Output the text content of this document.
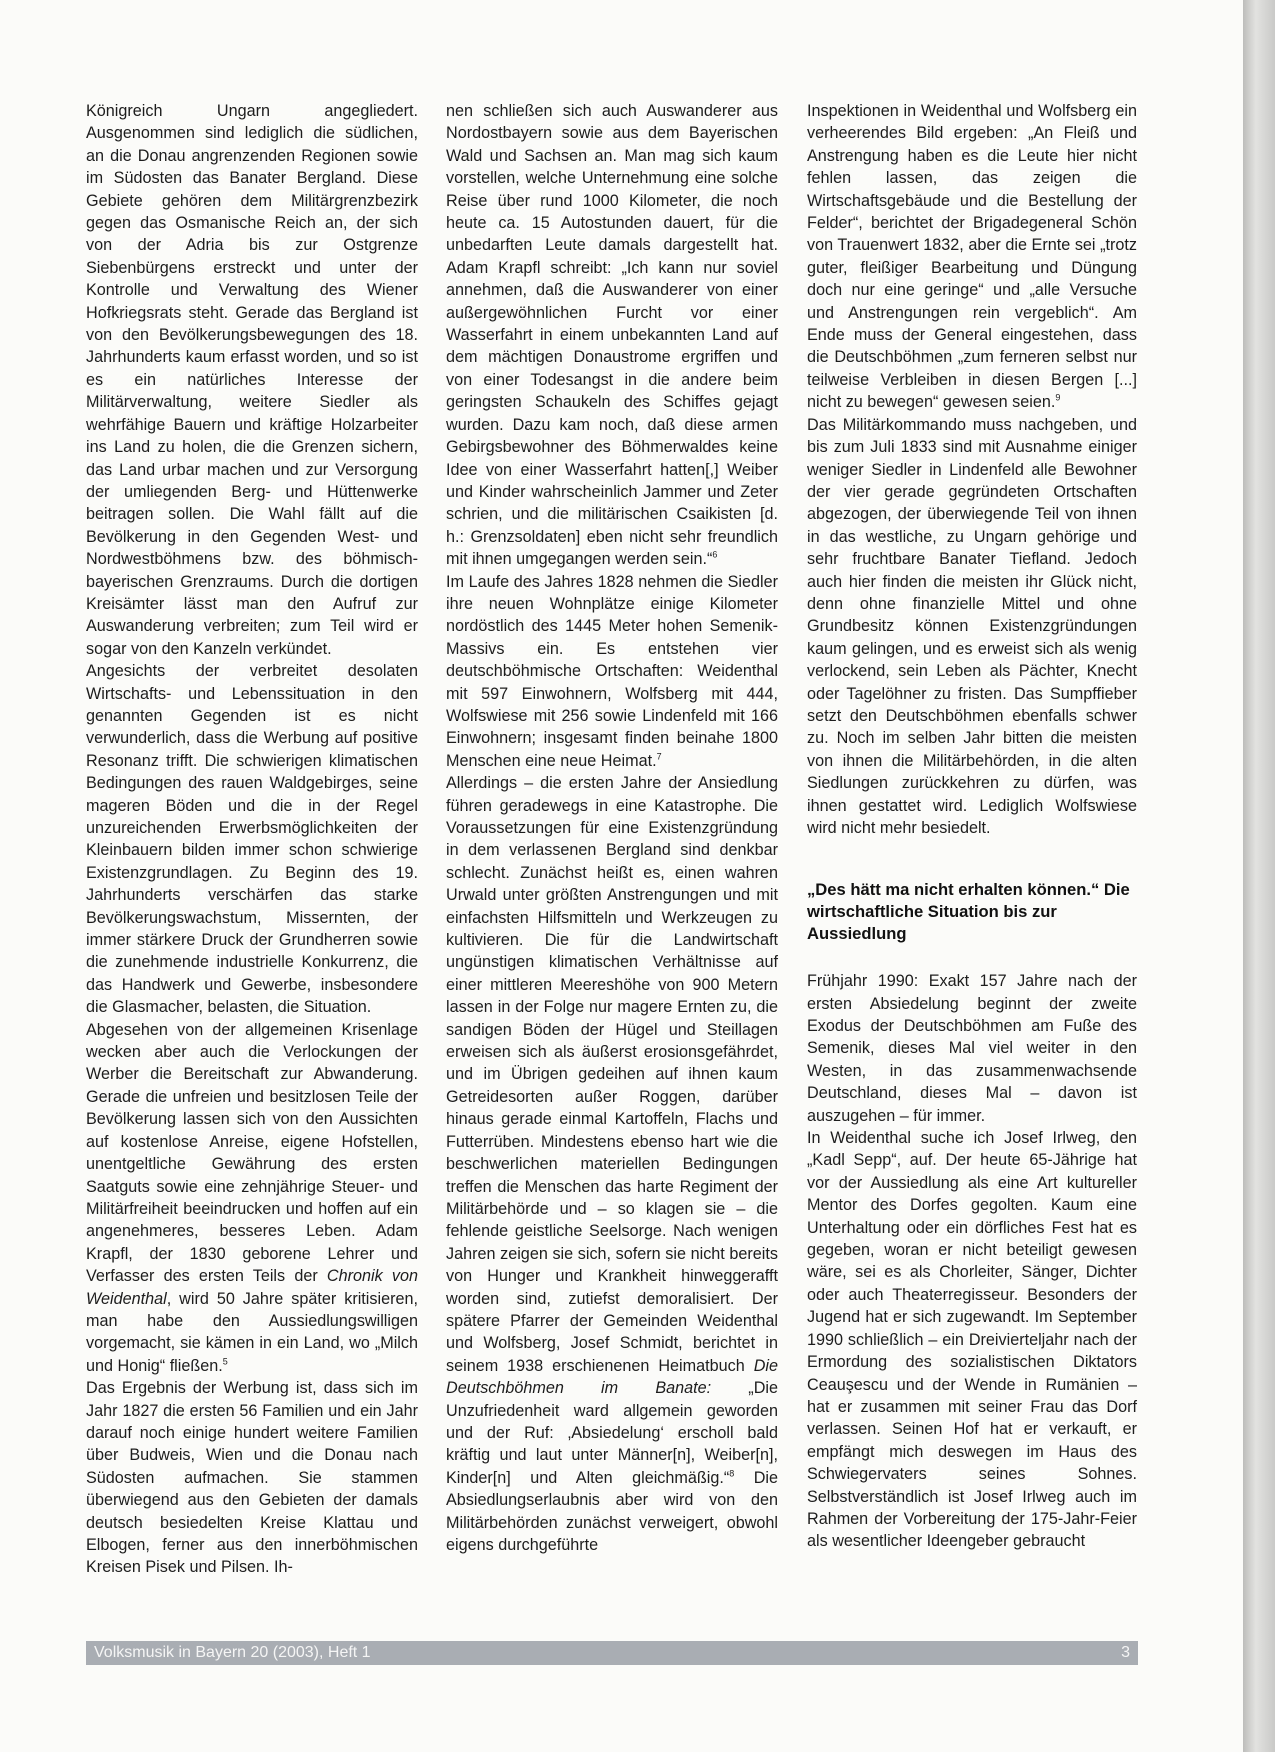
Königreich Ungarn angegliedert. Ausgenommen sind lediglich die südlichen, an die Donau angrenzenden Regionen sowie im Südosten das Banater Bergland. Diese Gebiete gehören dem Militärgrenzbezirk gegen das Osmanische Reich an, der sich von der Adria bis zur Ostgrenze Siebenbürgens erstreckt und unter der Kontrolle und Verwaltung des Wiener Hofkriegsrats steht. Gerade das Bergland ist von den Bevölkerungsbewegungen des 18. Jahrhunderts kaum erfasst worden, und so ist es ein natürliches Interesse der Militärverwaltung, weitere Siedler als wehrfähige Bauern und kräftige Holzarbeiter ins Land zu holen, die die Grenzen sichern, das Land urbar machen und zur Versorgung der umliegenden Berg- und Hüttenwerke beitragen sollen. Die Wahl fällt auf die Bevölkerung in den Gegenden West- und Nordwestböhmens bzw. des böhmisch-bayerischen Grenzraums. Durch die dortigen Kreisämter lässt man den Aufruf zur Auswanderung verbreiten; zum Teil wird er sogar von den Kanzeln verkündet.

Angesichts der verbreitet desolaten Wirtschafts- und Lebenssituation in den genannten Gegenden ist es nicht verwunderlich, dass die Werbung auf positive Resonanz trifft. Die schwierigen klimatischen Bedingungen des rauen Waldgebirges, seine mageren Böden und die in der Regel unzureichenden Erwerbsmöglichkeiten der Kleinbauern bilden immer schon schwierige Existenzgrundlagen. Zu Beginn des 19. Jahrhunderts verschärfen das starke Bevölkerungswachstum, Missernten, der immer stärkere Druck der Grundherren sowie die zunehmende industrielle Konkurrenz, die das Handwerk und Gewerbe, insbesondere die Glasmacher, belasten, die Situation.

Abgesehen von der allgemeinen Krisenlage wecken aber auch die Verlockungen der Werber die Bereitschaft zur Abwanderung. Gerade die unfreien und besitzlosen Teile der Bevölkerung lassen sich von den Aussichten auf kostenlose Anreise, eigene Hofstellen, unentgeltliche Gewährung des ersten Saatguts sowie eine zehnjährige Steuer- und Militärfreiheit beeindrucken und hoffen auf ein angenehmeres, besseres Leben. Adam Krapfl, der 1830 geborene Lehrer und Verfasser des ersten Teils der Chronik von Weidenthal, wird 50 Jahre später kritisieren, man habe den Aussiedlungswilligen vorgemacht, sie kämen in ein Land, wo „Milch und Honig“ fließen.$^5$

Das Ergebnis der Werbung ist, dass sich im Jahr 1827 die ersten 56 Familien und ein Jahr darauf noch einige hundert weitere Familien über Budweis, Wien und die Donau nach Südosten aufmachen. Sie stammen überwiegend aus den Gebieten der damals deutsch besiedelten Kreise Klattau und Elbogen, ferner aus den innerböhmischen Kreisen Pisek und Pilsen. Ih-

nen schließen sich auch Auswanderer aus Nordostbayern sowie aus dem Bayerischen Wald und Sachsen an. Man mag sich kaum vorstellen, welche Unternehmung eine solche Reise über rund 1000 Kilometer, die noch heute ca. 15 Autostunden dauert, für die unbedarften Leute damals dargestellt hat. Adam Krapfl schreibt: „Ich kann nur soviel annehmen, daß die Auswanderer von einer außergewöhnlichen Furcht vor einer Wasserfahrt in einem unbekannten Land auf dem mächtigen Donaustrome ergriffen und von einer Todesangst in die andere beim geringsten Schaukeln des Schiffes gejagt wurden. Dazu kam noch, daß diese armen Gebirgsbewohner des Böhmerwaldes keine Idee von einer Wasserfahrt hatten[,] Weiber und Kinder wahrscheinlich Jammer und Zeter schrien, und die militärischen Csaikisten [d. h.: Grenzsoldaten] eben nicht sehr freundlich mit ihnen umgegangen werden sein.“$^6$

Im Laufe des Jahres 1828 nehmen die Siedler ihre neuen Wohnplätze einige Kilometer nordöstlich des 1445 Meter hohen Semenik-Massivs ein. Es entstehen vier deutschböhmische Ortschaften: Weidenthal mit 597 Einwohnern, Wolfsberg mit 444, Wolfswiese mit 256 sowie Lindenfeld mit 166 Einwohnern; insgesamt finden beinahe 1800 Menschen eine neue Heimat.$^7$

Allerdings – die ersten Jahre der Ansiedlung führen geradewegs in eine Katastrophe. Die Voraussetzungen für eine Existenzgründung in dem verlassenen Bergland sind denkbar schlecht. Zunächst heißt es, einen wahren Urwald unter größten Anstrengungen und mit einfachsten Hilfsmitteln und Werkzeugen zu kultivieren. Die für die Landwirtschaft ungünstigen klimatischen Verhältnisse auf einer mittleren Meereshöhe von 900 Metern lassen in der Folge nur magere Ernten zu, die sandigen Böden der Hügel und Steillagen erweisen sich als äußerst erosionsgefährdet, und im Übrigen gedeihen auf ihnen kaum Getreidesorten außer Roggen, darüber hinaus gerade einmal Kartoffeln, Flachs und Futterrüben. Mindestens ebenso hart wie die beschwerlichen materiellen Bedingungen treffen die Menschen das harte Regiment der Militärbehörde und – so klagen sie – die fehlende geistliche Seelsorge. Nach wenigen Jahren zeigen sie sich, sofern sie nicht bereits von Hunger und Krankheit hinweggerafft worden sind, zutiefst demoralisiert. Der spätere Pfarrer der Gemeinden Weidenthal und Wolfsberg, Josef Schmidt, berichtet in seinem 1938 erschienenen Heimatbuch Die Deutschböhmen im Banate: „Die Unzufriedenheit ward allgemein geworden und der Ruf: ‚Absiedelung‘ erscholl bald kräftig und laut unter Männer[n], Weiber[n], Kinder[n] und Alten gleichmäßig.“$^8$ Die Absiedlungserlaubnis aber wird von den Militärbehörden zunächst verweigert, obwohl eigens durchgeführte

Inspektionen in Weidenthal und Wolfsberg ein verheerendes Bild ergeben: „An Fleiß und Anstrengung haben es die Leute hier nicht fehlen lassen, das zeigen die Wirtschaftsgebäude und die Bestellung der Felder“, berichtet der Brigadegeneral Schön von Trauenwert 1832, aber die Ernte sei „trotz guter, fleißiger Bearbeitung und Düngung doch nur eine geringe“ und „alle Versuche und Anstrengungen rein vergeblich“. Am Ende muss der General eingestehen, dass die Deutschböhmen „zum ferneren selbst nur teilweise Verbleiben in diesen Bergen [...] nicht zu bewegen“ gewesen seien.$^9$

Das Militärkommando muss nachgeben, und bis zum Juli 1833 sind mit Ausnahme einiger weniger Siedler in Lindenfeld alle Bewohner der vier gerade gegründeten Ortschaften abgezogen, der überwiegende Teil von ihnen in das westliche, zu Ungarn gehörige und sehr fruchtbare Banater Tiefland. Jedoch auch hier finden die meisten ihr Glück nicht, denn ohne finanzielle Mittel und ohne Grundbesitz können Existenzgründungen kaum gelingen, und es erweist sich als wenig verlockend, sein Leben als Pächter, Knecht oder Tagelöhner zu fristen. Das Sumpffieber setzt den Deutschböhmen ebenfalls schwer zu. Noch im selben Jahr bitten die meisten von ihnen die Militärbehörden, in die alten Siedlungen zurückkehren zu dürfen, was ihnen gestattet wird. Lediglich Wolfswiese wird nicht mehr besiedelt.

„Des hätt ma nicht erhalten können.“ Die wirtschaftliche Situation bis zur Aussiedlung

Frühjahr 1990: Exakt 157 Jahre nach der ersten Absiedelung beginnt der zweite Exodus der Deutschböhmen am Fuße des Semenik, dieses Mal viel weiter in den Westen, in das zusammenwachsende Deutschland, dieses Mal – davon ist auszugehen – für immer.

In Weidenthal suche ich Josef Irlweg, den „Kadl Sepp“, auf. Der heute 65-Jährige hat vor der Aussiedlung als eine Art kultureller Mentor des Dorfes gegolten. Kaum eine Unterhaltung oder ein dörfliches Fest hat es gegeben, woran er nicht beteiligt gewesen wäre, sei es als Chorleiter, Sänger, Dichter oder auch Theaterregisseur. Besonders der Jugend hat er sich zugewandt. Im September 1990 schließlich – ein Dreivierteljahr nach der Ermordung des sozialistischen Diktators Ceauşescu und der Wende in Rumänien – hat er zusammen mit seiner Frau das Dorf verlassen. Seinen Hof hat er verkauft, er empfängt mich deswegen im Haus des Schwiegervaters seines Sohnes. Selbstverständlich ist Josef Irlweg auch im Rahmen der Vorbereitung der 175-Jahr-Feier als wesentlicher Ideengeber gebraucht

Volksmusik in Bayern 20 (2003), Heft 1	3
